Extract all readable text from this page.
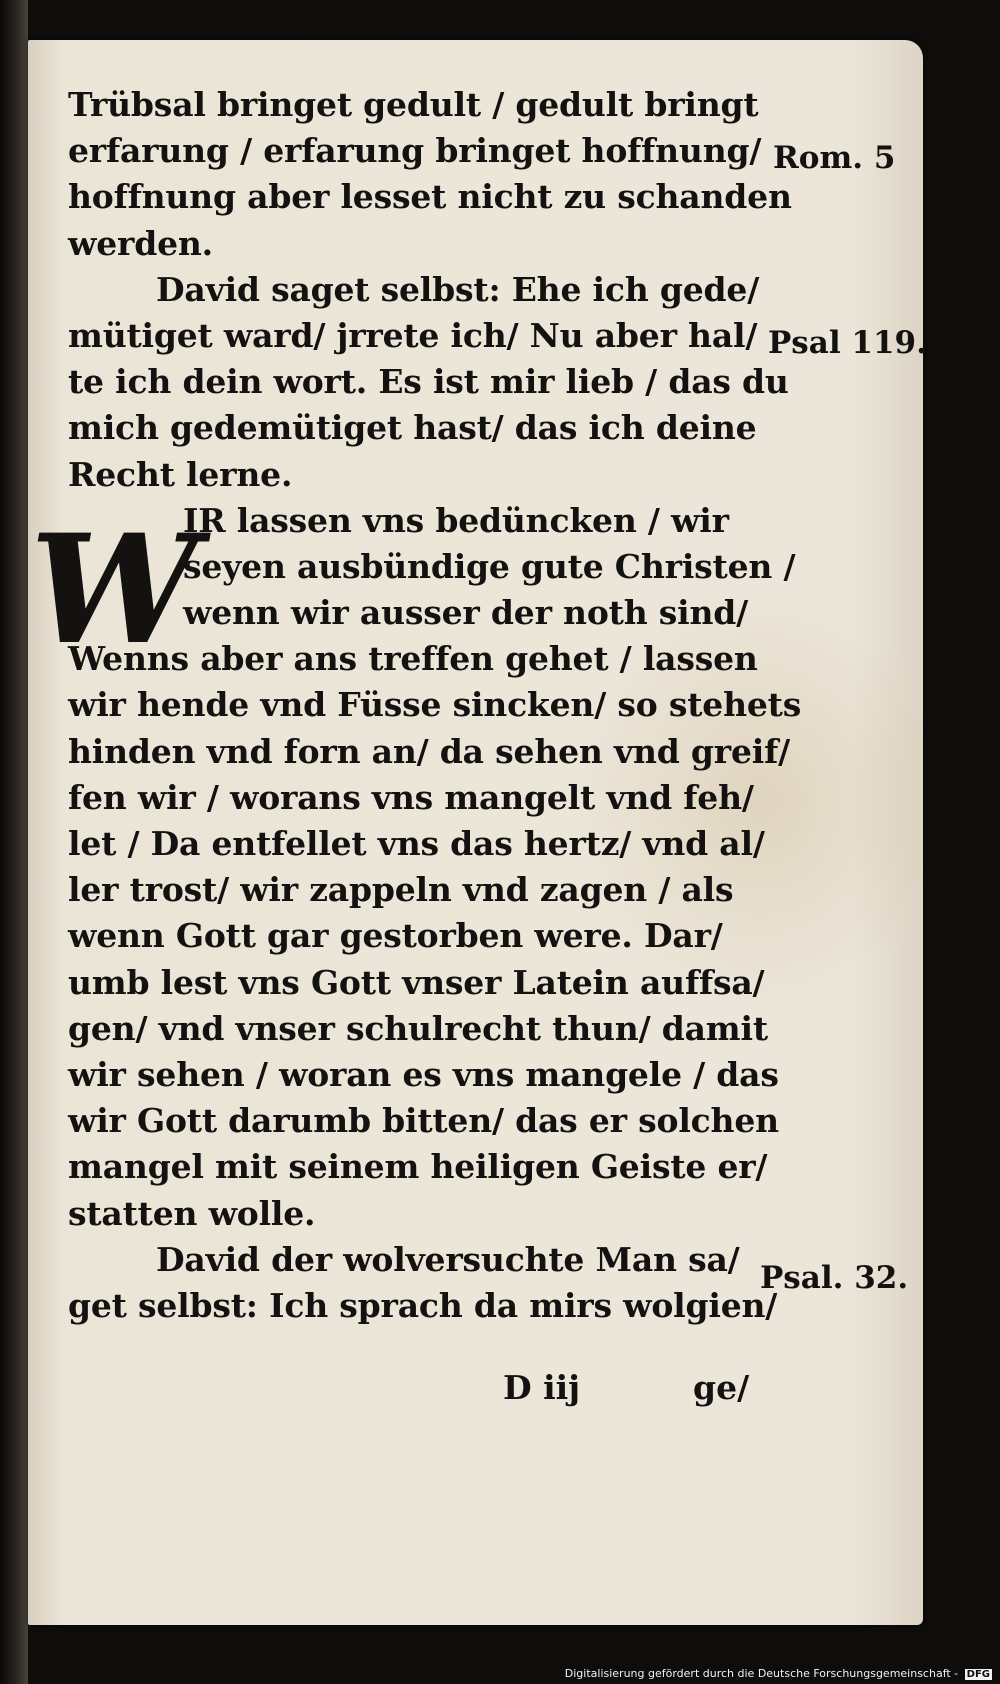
Trübsal bringet gedult / gedult bringt
erfarung / erfarung bringet hoffnung/
hoffnung aber lesset nicht zu schanden
werden.
David saget selbst: Ehe ich gede/
mütiget ward/ jrrete ich/ Nu aber hal/
te ich dein wort. Es ist mir lieb / das du
mich gedemütiget hast/ das ich deine
Recht lerne.
IR lassen vns bedüncken / wir
seyen ausbündige gute Christen /
wenn wir ausser der noth sind/
Wenns aber ans treffen gehet / lassen
wir hende vnd Füsse sincken/ so stehets
hinden vnd forn an/ da sehen vnd greif/
fen wir / worans vns mangelt vnd feh/
let / Da entfellet vns das hertz/ vnd al/
ler trost/ wir zappeln vnd zagen / als
wenn Gott gar gestorben were. Dar/
umb lest vns Gott vnser Latein auffsa/
gen/ vnd vnser schulrecht thun/ damit
wir sehen / woran es vns mangele / das
wir Gott darumb bitten/ das er solchen
mangel mit seinem heiligen Geiste er/
statten wolle.
David der wolversuchte Man sa/
get selbst: Ich sprach da mirs wolgien/
W
Rom. 5
Psal 119.
Psal. 32.
D iij	ge/
Digitalisierung gefördert durch die Deutsche Forschungsgemeinschaft - DFG
